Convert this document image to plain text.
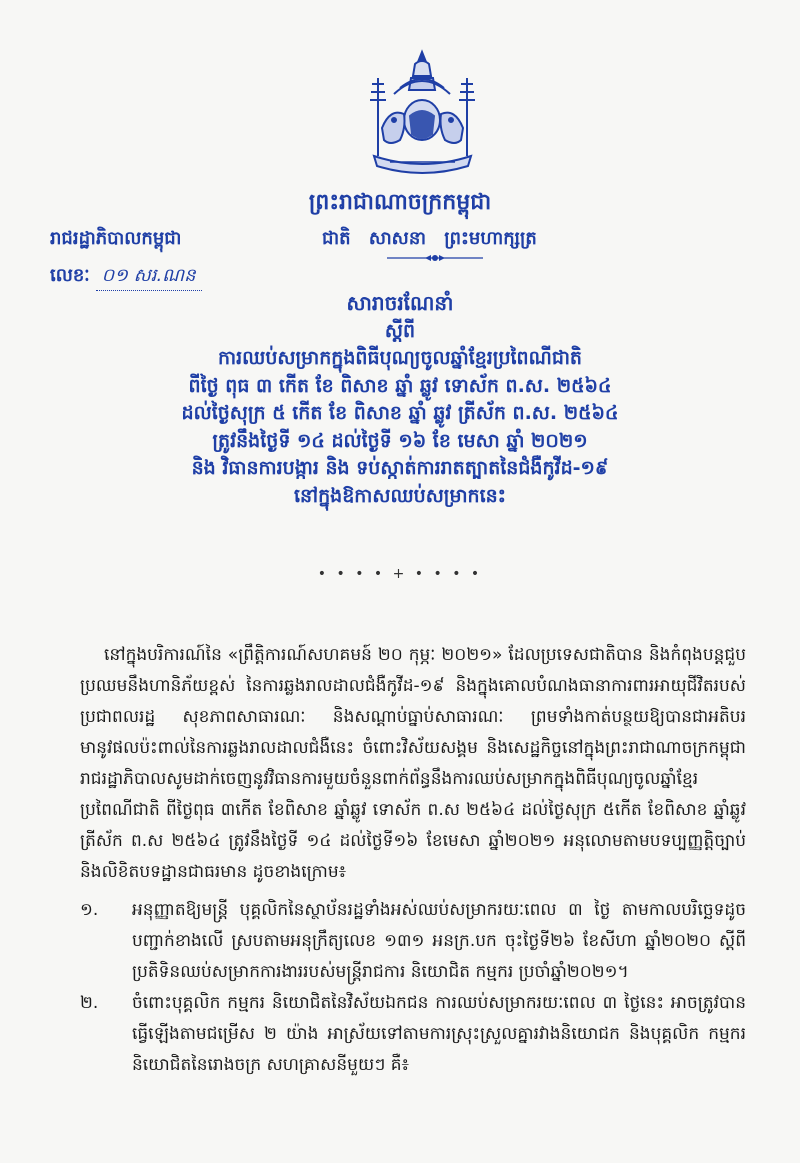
ព្រះរាជាណាចក្រកម្ពុជា
រាជរដ្ឋាភិបាលកម្ពុជា	ជាតិ សាសនា ព្រះមហាក្សត្រ
លេខៈ ០១ សរ.ណន
សារាចរណែនាំ
ស្តីពី
ការឈប់សម្រាកក្នុងពិធីបុណ្យចូលឆ្នាំខ្មែរប្រពៃណីជាតិ
ពីថ្ងៃ ពុធ ៣ កើត ខែ ពិសាខ ឆ្នាំ ឆ្លូវ ទោស័ក ព.ស. ២៥៦៤
ដល់ថ្ងៃសុក្រ ៥ កើត ខែ ពិសាខ ឆ្នាំ ឆ្លូវ ត្រីស័ក ព.ស. ២៥៦៤
ត្រូវនឹងថ្ងៃទី ១៤ ដល់ថ្ងៃទី ១៦ ខែ មេសា ឆ្នាំ ២០២១
និង វិធានការបង្ការ និង ទប់ស្កាត់ការរាតត្បាតនៃជំងឺកូវីដ-១៩
នៅក្នុងឱកាសឈប់សម្រាកនេះ
• • • • + • • • •

នៅក្នុងបរិការណ៍នៃ «ព្រឹត្តិការណ៍សហគមន៍ ២០ កុម្ភៈ ២០២១» ដែលប្រទេសជាតិបាន និងកំពុងបន្តជួបប្រឈមនឹងហានិភ័យខ្ពស់ នៃការឆ្លងរាលដាលជំងឺកូវីដ-១៩ និងក្នុងគោលបំណងធានាការពារអាយុជីវិតរបស់ប្រជាពលរដ្ឋ សុខភាពសាធារណៈ និងសណ្តាប់ធ្នាប់សាធារណៈ ព្រមទាំងកាត់បន្ថយឱ្យបានជាអតិបរមានូវផលប៉ះពាល់នៃការឆ្លងរាលដាលជំងឺនេះ ចំពោះវិស័យសង្គម និងសេដ្ឋកិច្ចនៅក្នុងព្រះរាជាណាចក្រកម្ពុជា រាជរដ្ឋាភិបាលសូមដាក់ចេញនូវវិធានការមួយចំនួនពាក់ព័ន្ធនឹងការឈប់សម្រាកក្នុងពិធីបុណ្យចូលឆ្នាំខ្មែរប្រពៃណីជាតិ ពីថ្ងៃពុធ ៣កើត ខែពិសាខ ឆ្នាំឆ្លូវ ទោស័ក ព.ស ២៥៦៤ ដល់ថ្ងៃសុក្រ ៥កើត ខែពិសាខ ឆ្នាំឆ្លូវ ត្រីស័ក ព.ស ២៥៦៤ ត្រូវនឹងថ្ងៃទី ១៤ ដល់ថ្ងៃទី១៦ ខែមេសា ឆ្នាំ២០២១ អនុលោមតាមបទប្បញ្ញត្តិច្បាប់ និងលិខិតបទដ្ឋានជាធរមាន ដូចខាងក្រោម៖

១. អនុញ្ញាតឱ្យមន្ត្រី បុគ្គលិកនៃស្ថាប័នរដ្ឋទាំងអស់ឈប់សម្រាករយៈពេល ៣ ថ្ងៃ តាមកាលបរិច្ឆេទដូចបញ្ជាក់ខាងលើ ស្របតាមអនុក្រឹត្យលេខ ១៣១ អនក្រ.បក ចុះថ្ងៃទី២៦ ខែសីហា ឆ្នាំ២០២០ ស្តីពីប្រតិទិនឈប់សម្រាកការងាររបស់មន្ត្រីរាជការ និយោជិត កម្មករ ប្រចាំឆ្នាំ២០២១។
២. ចំពោះបុគ្គលិក កម្មករ និយោជិតនៃវិស័យឯកជន ការឈប់សម្រាករយៈពេល ៣ ថ្ងៃនេះ អាចត្រូវបានធ្វើឡើងតាមជម្រើស ២ យ៉ាង អាស្រ័យទៅតាមការស្រុះស្រួលគ្នារវាងនិយោជក និងបុគ្គលិក កម្មករ និយោជិតនៃរោងចក្រ សហគ្រាសនីមួយៗ គឺ៖
